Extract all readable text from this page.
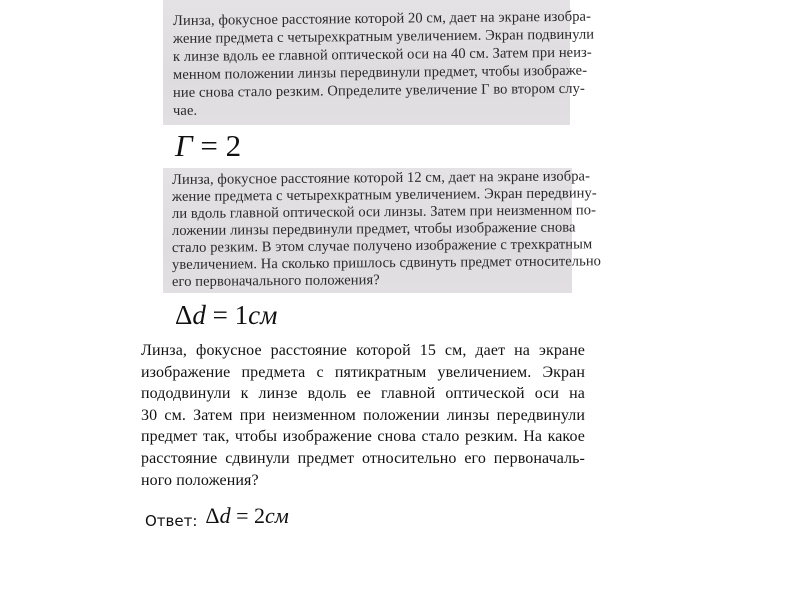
Линза, фокусное расстояние которой 20 см, дает на экране изобра-
жение предмета с четырехкратным увеличением. Экран подвинули
к линзе вдоль ее главной оптической оси на 40 см. Затем при неиз-
менном положении линзы передвинули предмет, чтобы изображе-
ние снова стало резким. Определите увеличение Г во втором слу-
чае.
Г = 2
Линза, фокусное расстояние которой 12 см, дает на экране изобра-
жение предмета с четырехкратным увеличением. Экран передвину-
ли вдоль главной оптической оси линзы. Затем при неизменном по-
ложении линзы передвинули предмет, чтобы изображение снова
стало резким. В этом случае получено изображение с трехкратным
увеличением. На сколько пришлось сдвинуть предмет относительно
его первоначального положения?
Δd = 1см
Линза, фокусное расстояние которой 15 см, дает на экране
изображение предмета с пятикратным увеличением. Экран
пододвинули к линзе вдоль ее главной оптической оси на
30 см. Затем при неизменном положении линзы передвинули
предмет так, чтобы изображение снова стало резким. На какое
расстояние сдвинули предмет относительно его первоначаль-
ного положения?
Ответ: Δd = 2см
